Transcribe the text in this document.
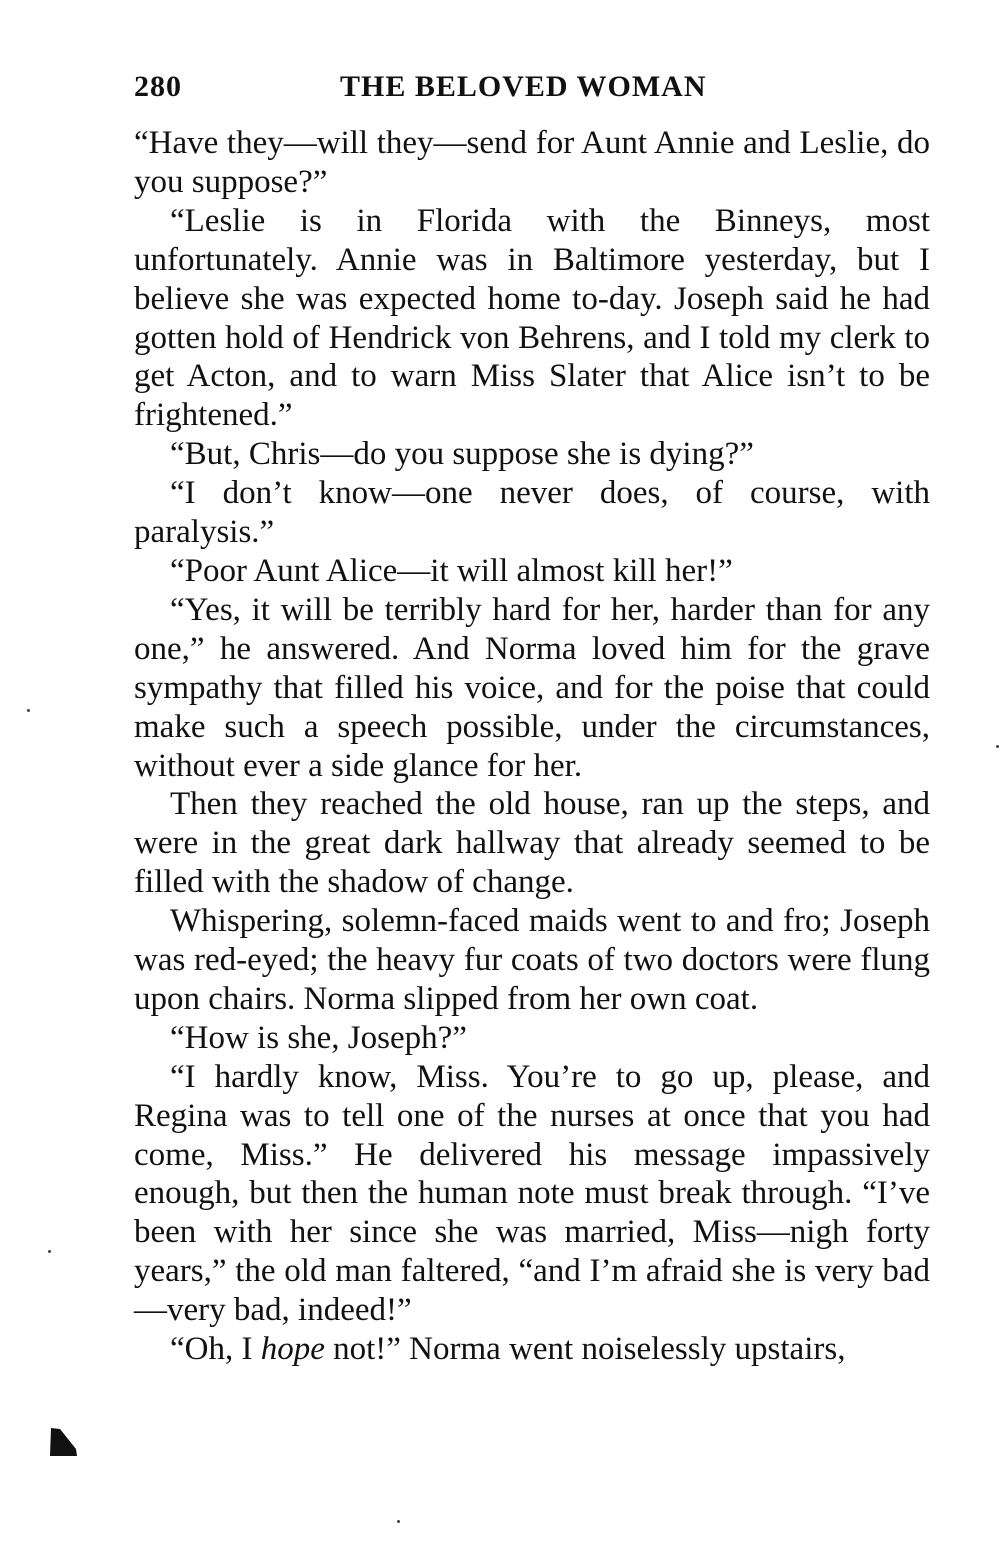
280	THE BELOVED WOMAN

“Have they—will they—send for Aunt Annie and Leslie, do you suppose?”

“Leslie is in Florida with the Binneys, most unfortunately. Annie was in Baltimore yesterday, but I believe she was expected home to-day. Joseph said he had gotten hold of Hendrick von Behrens, and I told my clerk to get Acton, and to warn Miss Slater that Alice isn’t to be frightened.”

“But, Chris—do you suppose she is dying?”

“I don’t know—one never does, of course, with paralysis.”

“Poor Aunt Alice—it will almost kill her!”

“Yes, it will be terribly hard for her, harder than for any one,” he answered. And Norma loved him for the grave sympathy that filled his voice, and for the poise that could make such a speech possible, under the circumstances, without ever a side glance for her.

Then they reached the old house, ran up the steps, and were in the great dark hallway that already seemed to be filled with the shadow of change.

Whispering, solemn-faced maids went to and fro; Joseph was red-eyed; the heavy fur coats of two doctors were flung upon chairs. Norma slipped from her own coat.

“How is she, Joseph?”

“I hardly know, Miss. You’re to go up, please, and Regina was to tell one of the nurses at once that you had come, Miss.” He delivered his message impassively enough, but then the human note must break through. “I’ve been with her since she was married, Miss—nigh forty years,” the old man faltered, “and I’m afraid she is very bad—very bad, indeed!”

“Oh, I hope not!” Norma went noiselessly upstairs,
